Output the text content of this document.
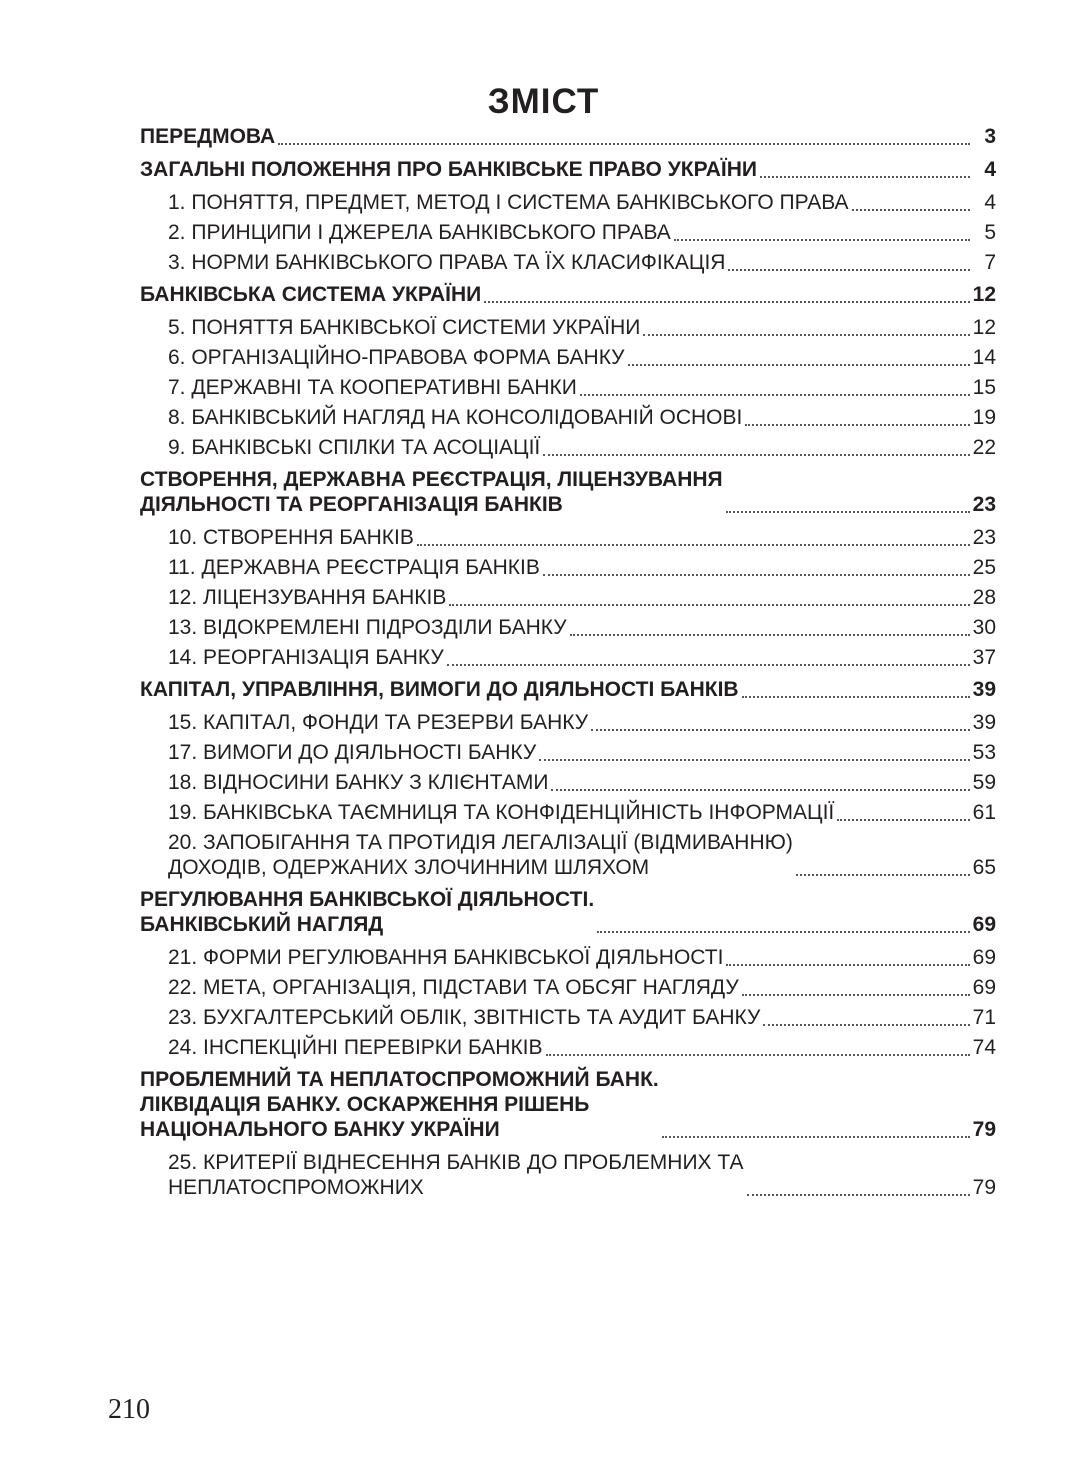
ЗМІСТ
ПЕРЕДМОВА	3
ЗАГАЛЬНІ ПОЛОЖЕННЯ ПРО БАНКІВСЬКЕ ПРАВО УКРАЇНИ	4
1. ПОНЯТТЯ, ПРЕДМЕТ, МЕТОД І СИСТЕМА БАНКІВСЬКОГО ПРАВА	4
2. ПРИНЦИПИ І ДЖЕРЕЛА БАНКІВСЬКОГО ПРАВА	5
3. НОРМИ БАНКІВСЬКОГО ПРАВА ТА ЇХ КЛАСИФІКАЦІЯ	7
БАНКІВСЬКА СИСТЕМА УКРАЇНИ	12
5. ПОНЯТТЯ БАНКІВСЬКОЇ СИСТЕМИ УКРАЇНИ	12
6. ОРГАНІЗАЦІЙНО-ПРАВОВА ФОРМА БАНКУ	14
7. ДЕРЖАВНІ ТА КООПЕРАТИВНІ БАНКИ	15
8. БАНКІВСЬКИЙ НАГЛЯД НА КОНСОЛІДОВАНІЙ ОСНОВІ	19
9. БАНКІВСЬКІ СПІЛКИ ТА АСОЦІАЦІЇ	22
СТВОРЕННЯ, ДЕРЖАВНА РЕЄСТРАЦІЯ, ЛІЦЕНЗУВАННЯ
ДІЯЛЬНОСТІ ТА РЕОРГАНІЗАЦІЯ БАНКІВ	23
10. СТВОРЕННЯ БАНКІВ	23
11. ДЕРЖАВНА РЕЄСТРАЦІЯ БАНКІВ	25
12. ЛІЦЕНЗУВАННЯ БАНКІВ	28
13. ВІДОКРЕМЛЕНІ ПІДРОЗДІЛИ БАНКУ	30
14. РЕОРГАНІЗАЦІЯ БАНКУ	37
КАПІТАЛ, УПРАВЛІННЯ, ВИМОГИ ДО ДІЯЛЬНОСТІ БАНКІВ	39
15. КАПІТАЛ, ФОНДИ ТА РЕЗЕРВИ БАНКУ	39
17. ВИМОГИ ДО ДІЯЛЬНОСТІ БАНКУ	53
18. ВІДНОСИНИ БАНКУ З КЛІЄНТАМИ	59
19. БАНКІВСЬКА ТАЄМНИЦЯ ТА КОНФІДЕНЦІЙНІСТЬ ІНФОРМАЦІЇ	61
20. ЗАПОБІГАННЯ ТА ПРОТИДІЯ ЛЕГАЛІЗАЦІЇ (ВІДМИВАННЮ)
ДОХОДІВ, ОДЕРЖАНИХ ЗЛОЧИННИМ ШЛЯХОМ	65
РЕГУЛЮВАННЯ БАНКІВСЬКОЇ ДІЯЛЬНОСТІ.
БАНКІВСЬКИЙ НАГЛЯД	69
21. ФОРМИ РЕГУЛЮВАННЯ БАНКІВСЬКОЇ ДІЯЛЬНОСТІ	69
22. МЕТА, ОРГАНІЗАЦІЯ, ПІДСТАВИ ТА ОБСЯГ НАГЛЯДУ	69
23. БУХГАЛТЕРСЬКИЙ ОБЛІК, ЗВІТНІСТЬ ТА АУДИТ БАНКУ	71
24. ІНСПЕКЦІЙНІ ПЕРЕВІРКИ БАНКІВ	74
ПРОБЛЕМНИЙ ТА НЕПЛАТОСПРОМОЖНИЙ БАНК.
ЛІКВІДАЦІЯ БАНКУ. ОСКАРЖЕННЯ РІШЕНЬ
НАЦІОНАЛЬНОГО БАНКУ УКРАЇНИ	79
25. КРИТЕРІЇ ВІДНЕСЕННЯ БАНКІВ ДО ПРОБЛЕМНИХ ТА
НЕПЛАТОСПРОМОЖНИХ	79
210
